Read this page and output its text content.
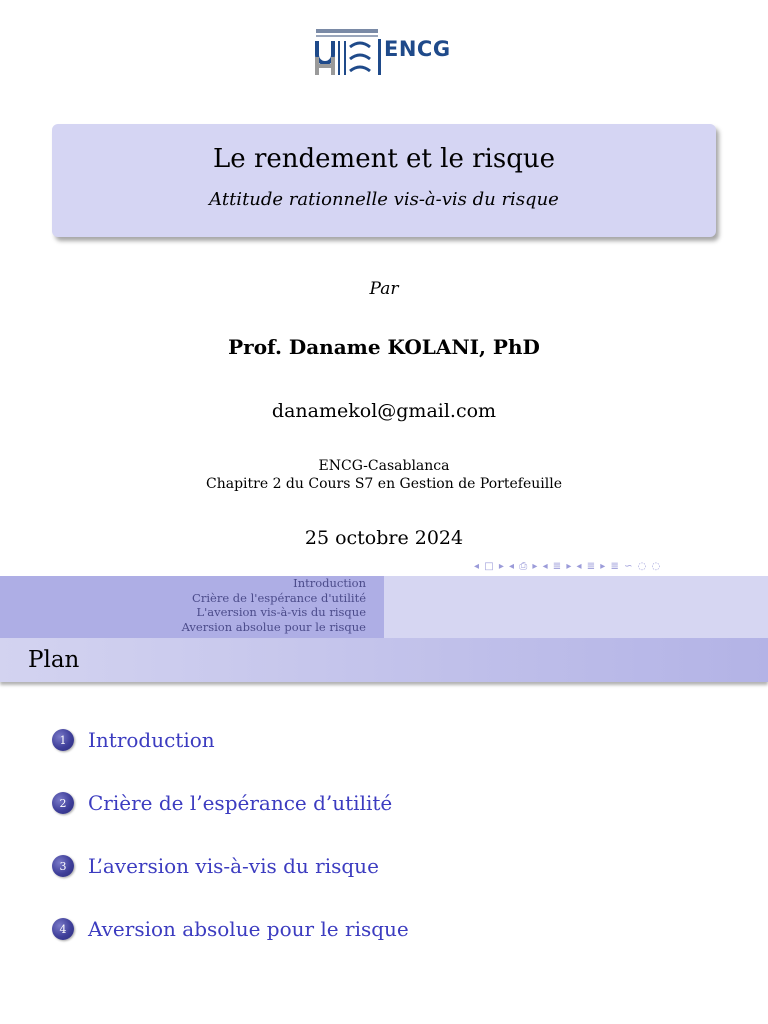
ENCG
Le rendement et le risque
Attitude rationnelle vis-à-vis du risque
Par
Prof. Daname KOLANI, PhD
danamekol@gmail.com
ENCG-Casablanca
Chapitre 2 du Cours S7 en Gestion de Portefeuille
25 octobre 2024
◂ □ ▸ ◂ ⎙ ▸ ◂ ≣ ▸ ◂ ≣ ▸ ≣ ∽ ◌ ◌
Introduction
Crière de l'espérance d'utilité
L'aversion vis-à-vis du risque
Aversion absolue pour le risque
Plan
1	Introduction
2	Crière de l’espérance d’utilité
3	L’aversion vis-à-vis du risque
4	Aversion absolue pour le risque
